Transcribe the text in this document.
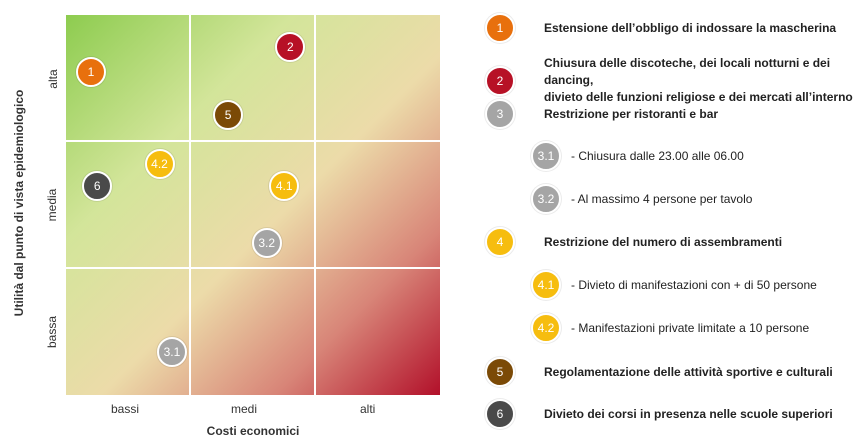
1
2
5
4.2
6	4.1
3.2
3.1
bassi	medi	alti
alta
media
bassa
Costi economici
Utilità dal punto di vista epidemiologico
1	Estensione dell’obbligo di indossare la mascherina
2
Chiusura delle discoteche, dei locali notturni e dei dancing,
divieto delle funzioni religiose e dei mercati all’interno
3	Restrizione per ristoranti e bar
3.1	- Chiusura dalle 23.00 alle 06.00
3.2	- Al massimo 4 persone per tavolo
4	Restrizione del numero di assembramenti
4.1	- Divieto di manifestazioni con + di 50 persone
4.2	- Manifestazioni private limitate a 10 persone
5	Regolamentazione delle attività sportive e culturali
6	Divieto dei corsi in presenza nelle scuole superiori
